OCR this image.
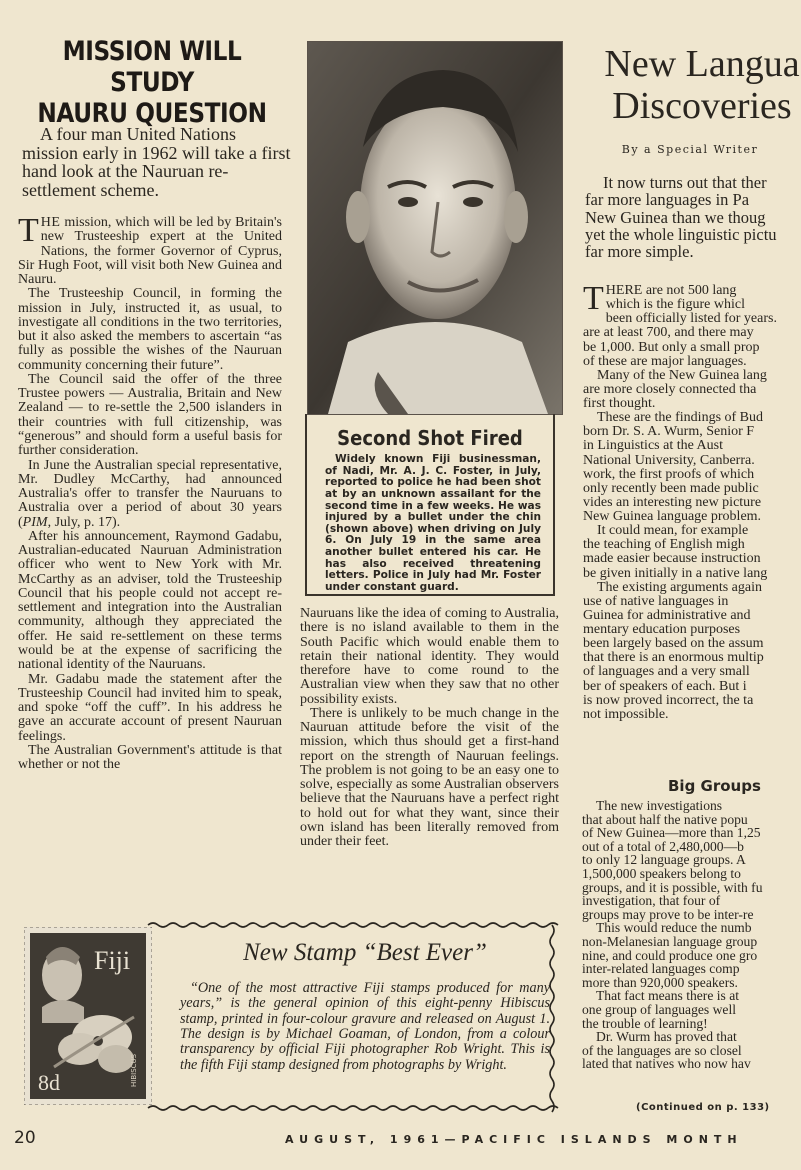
MISSION WILL STUDY
NAURU QUESTION
A four man United Nations mission early in 1962 will take a first hand look at the Nauruan re-settlement scheme.

THE mission, which will be led by Britain's new Trusteeship expert at the United Nations, the former Governor of Cyprus, Sir Hugh Foot, will visit both New Guinea and Nauru.

The Trusteeship Council, in forming the mission in July, instructed it, as usual, to investigate all conditions in the two territories, but it also asked the members to ascertain “as fully as possible the wishes of the Nauruan community concerning their future”.

The Council said the offer of the three Trustee powers — Australia, Britain and New Zealand — to re-settle the 2,500 islanders in their countries with full citizenship, was “generous” and should form a useful basis for further consideration.

In June the Australian special representative, Mr. Dudley McCarthy, had announced Australia's offer to transfer the Nauruans to Australia over a period of about 30 years (PIM, July, p. 17).

After his announcement, Raymond Gadabu, Australian-educated Nauruan Administration officer who went to New York with Mr. McCarthy as an adviser, told the Trusteeship Council that his people could not accept re-settlement and integration into the Australian community, although they appreciated the offer. He said re-settlement on these terms would be at the expense of sacrificing the national identity of the Nauruans.

Mr. Gadabu made the statement after the Trusteeship Council had invited him to speak, and spoke “off the cuff”. In his address he gave an accurate account of present Nauruan feelings.

The Australian Government's attitude is that whether or not the

Second Shot Fired
Widely known Fiji businessman, of Nadi, Mr. A. J. C. Foster, in July, reported to police he had been shot at by an unknown assailant for the second time in a few weeks. He was injured by a bullet under the chin (shown above) when driving on July 6. On July 19 in the same area another bullet entered his car. He has also received threatening letters. Police in July had Mr. Foster under constant guard.

Nauruans like the idea of coming to Australia, there is no island available to them in the South Pacific which would enable them to retain their national identity. They would therefore have to come round to the Australian view when they saw that no other possibility exists.

There is unlikely to be much change in the Nauruan attitude before the visit of the mission, which thus should get a first-hand report on the strength of Nauruan feelings. The problem is not going to be an easy one to solve, especially as some Australian observers believe that the Nauruans have a perfect right to hold out for what they want, since their own island has been literally removed from under their feet.

New Langua
Discoveries
By a Special Writer
It now turns out that ther
far more languages in Pa
New Guinea than we thoug
yet the whole linguistic pictu
far more simple.
THERE are not 500 lang
which is the figure whicl
been officially listed for years.
are at least 700, and there may
be 1,000. But only a small prop
of these are major languages.
Many of the New Guinea lang
are more closely connected tha
first thought.
These are the findings of Bud
born Dr. S. A. Wurm, Senior F
in Linguistics at the Aust
National University, Canberra.
work, the first proofs of which
only recently been made public
vides an interesting new picture
New Guinea language problem.
It could mean, for example
the teaching of English migh
made easier because instruction
be given initially in a native lang
The existing arguments again
use of native languages in
Guinea for administrative and
mentary education purposes
been largely based on the assum
that there is an enormous multip
of languages and a very small
ber of speakers of each. But i
is now proved incorrect, the ta
not impossible.
Big Groups
The new investigations
that about half the native popu
of New Guinea—more than 1,25
out of a total of 2,480,000—b
to only 12 language groups. A
1,500,000 speakers belong to
groups, and it is possible, with fu
investigation, that four of
groups may prove to be inter-re
This would reduce the numb
non-Melanesian language group
nine, and could produce one gro
inter-related languages comp
more than 920,000 speakers.
That fact means there is at
one group of languages well
the trouble of learning!
Dr. Wurm has proved that
of the languages are so closel
lated that natives who now hav
(Continued on p. 133)
Fiji
8d	HIBISCUS
New Stamp “Best Ever”
“One of the most attractive Fiji stamps produced for many years,” is the general opinion of this eight-penny Hibiscus stamp, printed in four-colour gravure and released on August 1. The design is by Michael Goaman, of London, from a colour transparency by official Fiji photographer Rob Wright. This is the fifth Fiji stamp designed from photographs by Wright.
20	AUGUST, 1961—PACIFIC ISLANDS MONTH
